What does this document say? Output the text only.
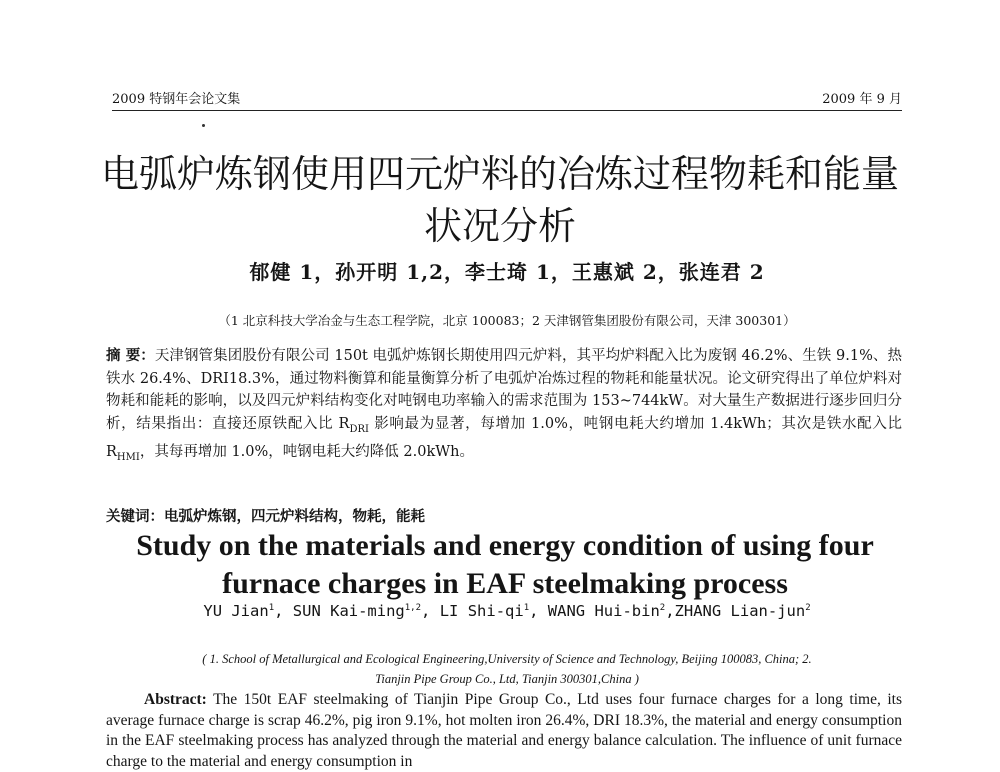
2009 特钢年会论文集	2009 年 9 月
电弧炉炼钢使用四元炉料的冶炼过程物耗和能量
状况分析
郁健 1，孙开明 1,2，李士琦 1，王惠斌 2，张连君 2
（1 北京科技大学冶金与生态工程学院，北京 100083；2 天津钢管集团股份有限公司，天津 300301）
摘 要：天津钢管集团股份有限公司 150t 电弧炉炼钢长期使用四元炉料，其平均炉料配入比为废钢 46.2%、生铁 9.1%、热铁水 26.4%、DRI18.3%，通过物料衡算和能量衡算分析了电弧炉冶炼过程的物耗和能量状况。论文研究得出了单位炉料对物耗和能耗的影响，以及四元炉料结构变化对吨钢电功率输入的需求范围为 153~744kW。对大量生产数据进行逐步回归分析，结果指出：直接还原铁配入比 $R_{DRI}$ 影响最为显著，每增加 1.0%，吨钢电耗大约增加 1.4kWh；其次是铁水配入比 $R_{HMI}$，其每再增加 1.0%，吨钢电耗大约降低 2.0kWh。
关键词：电弧炉炼钢，四元炉料结构，物耗，能耗
Study on the materials and energy condition of using four
furnace charges in EAF steelmaking process
YU Jian$^1$, SUN Kai-ming$^{1,2}$, LI Shi-$qi^1$, WANG Hui-bin$^2$,ZHANG Lian-jun$^2$
( 1. School of Metallurgical and Ecological Engineering,University of Science and Technology, Beijing 100083, China; 2.
Tianjin Pipe Group Co., Ltd, Tianjin 300301,China )
Abstract: The 150t EAF steelmaking of Tianjin Pipe Group Co., Ltd uses four furnace charges for a long time, its average furnace charge is scrap 46.2%, pig iron 9.1%, hot molten iron 26.4%, DRI 18.3%, the material and energy consumption in the EAF steelmaking process has analyzed through the material and energy balance calculation. The influence of unit furnace charge to the material and energy consumption in
